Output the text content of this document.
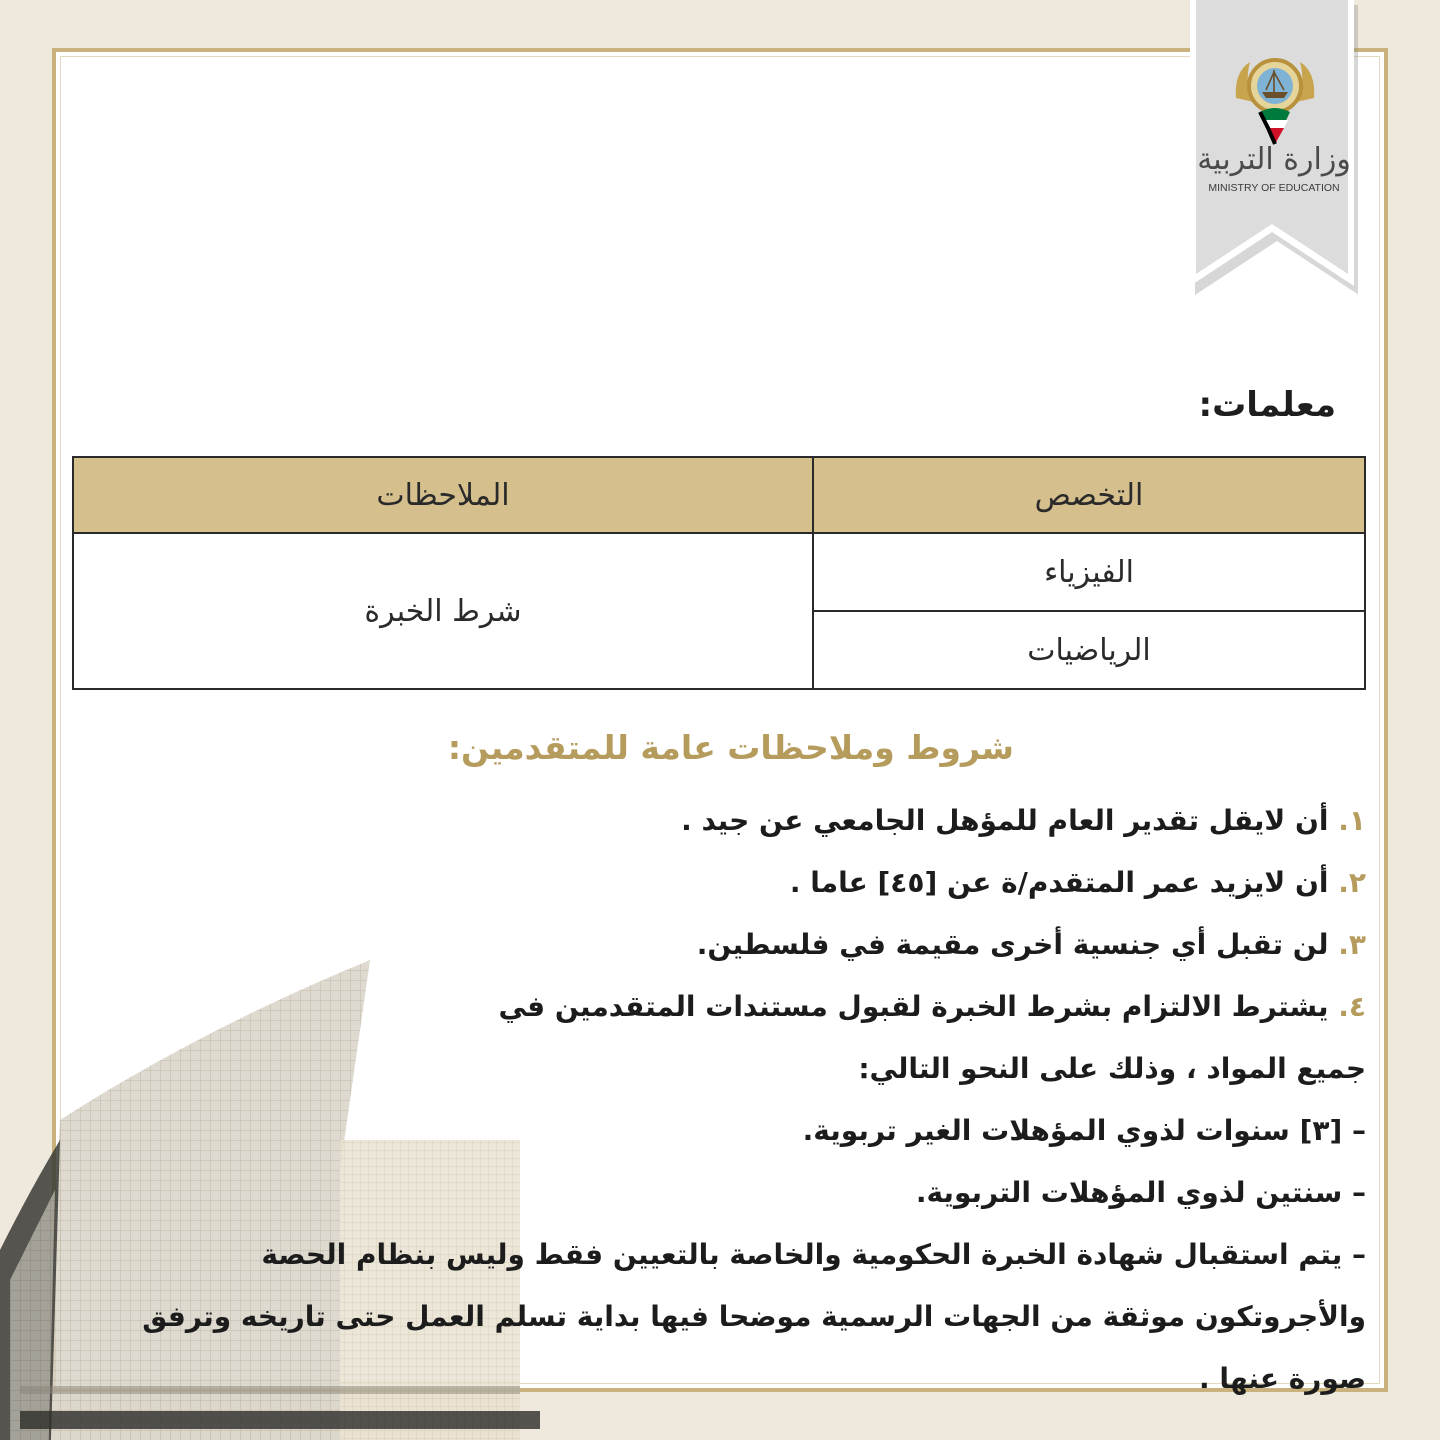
وزارة التربية
MINISTRY OF EDUCATION
معلمات:
التخصص	الملاحظات
الفيزياء	شرط الخبرة
الرياضيات	
شروط وملاحظات عامة للمتقدمين:

١. أن لايقل تقدير العام للمؤهل الجامعي عن جيد .

٢. أن لايزيد عمر المتقدم/ة عن [٤٥] عاما .

٣. لن تقبل أي جنسية أخرى مقيمة في فلسطين.

٤. يشترط الالتزام بشرط الخبرة لقبول مستندات المتقدمين في

جميع المواد ، وذلك على النحو التالي:

– [٣] سنوات لذوي المؤهلات الغير تربوية.

– سنتين لذوي المؤهلات التربوية.

– يتم استقبال شهادة الخبرة الحكومية والخاصة بالتعيين فقط وليس بنظام الحصة والأجروتكون موثقة من الجهات الرسمية موضحا فيها بداية تسلم العمل حتى تاريخه وترفق صورة عنها .
